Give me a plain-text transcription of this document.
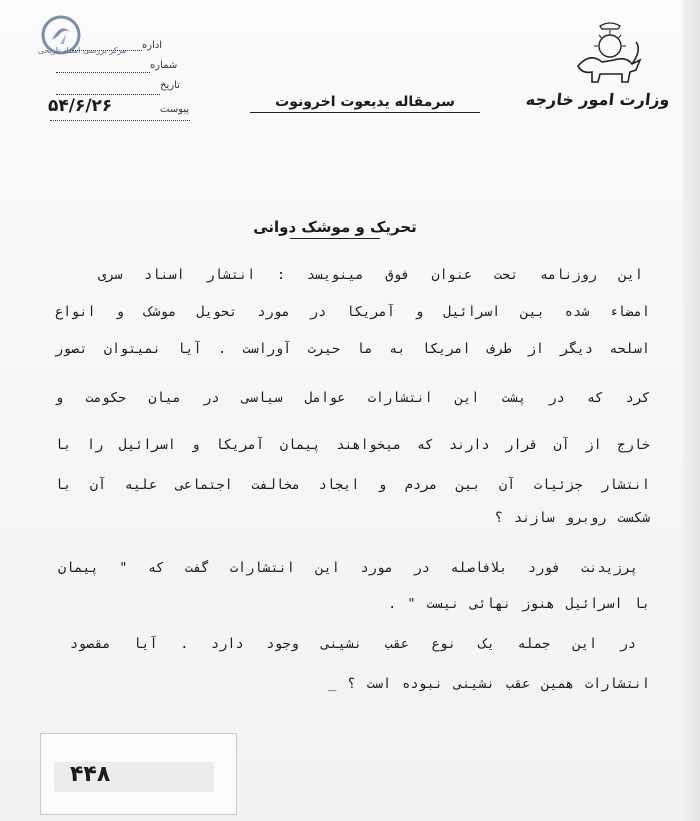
مرکز بررسی اسناد تاریخی
وزارت امور خارجه
سرمقاله یدیعوت اخرونوت
اداره
شماره
تاریخ
پیوست
۵۴/۶/۲۶
تحریک و موشک دوانی
این روزنامه تحت عنوان فوق مینویسد : انتشار اسناد سری
امضاء شده بین اسرائیل و آمریکا در مورد تحویل موشک و انواع
اسلحه دیگر از طرف امریکا به ما حیرت آوراست . آیا نمیتوان تصور
کرد که در پشت این انتشارات عوامل سیاسی در میان حکومت و
خارج از آن قرار دارند که میخواهند پیمان آمریکا و اسرائیل را با
انتشار جزئیات آن بین مردم و ایجاد مخالفت اجتماعی علیه آن با
شکست روبرو سازند ؟
پرزیدنت فورد بلافاصله در مورد این انتشارات گفت که " پیمان
با اسرائیل هنوز نهائی نیست " .
در این جمله یک نوع عقب نشینی وجود دارد . آیا مقصود
انتشارات همین عقب نشینی نبوده است ؟ _
۴۴۸
